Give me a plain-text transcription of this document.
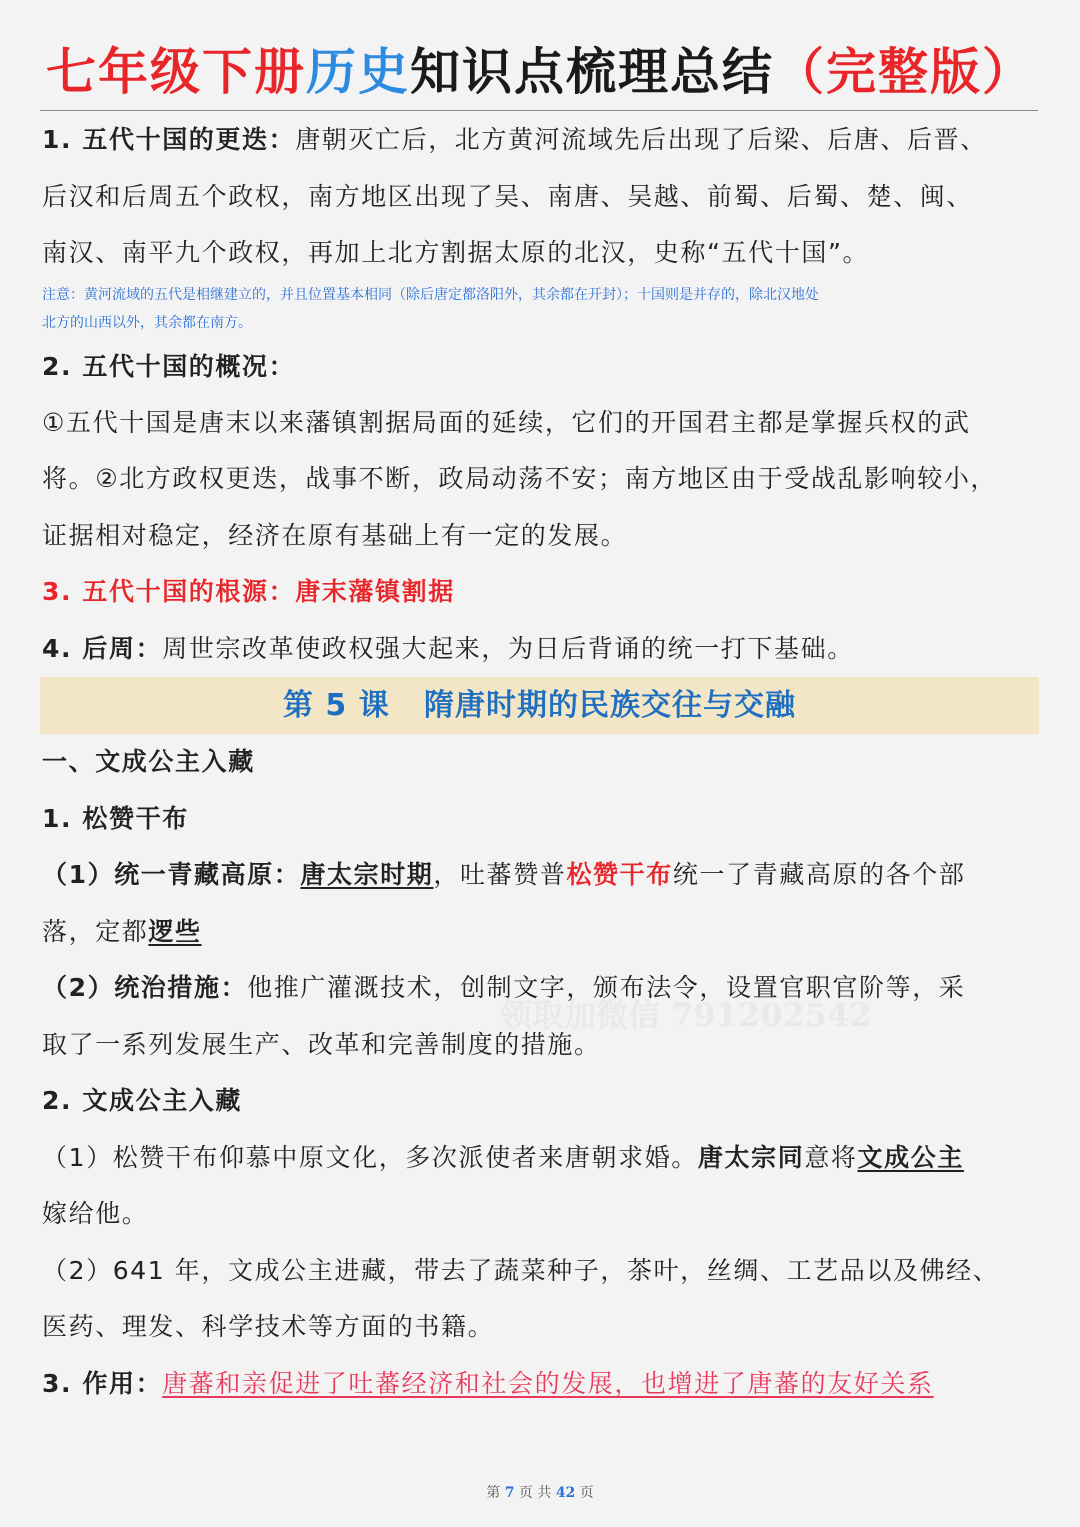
七年级下册历史知识点梳理总结（完整版）
1. 五代十国的更迭：唐朝灭亡后，北方黄河流域先后出现了后梁、后唐、后晋、
后汉和后周五个政权，南方地区出现了吴、南唐、吴越、前蜀、后蜀、楚、闽、
南汉、南平九个政权，再加上北方割据太原的北汉，史称“五代十国”。
注意：黄河流域的五代是相继建立的，并且位置基本相同（除后唐定都洛阳外，其余都在开封）；十国则是并存的，除北汉地处
北方的山西以外，其余都在南方。
2. 五代十国的概况：
①五代十国是唐末以来藩镇割据局面的延续，它们的开国君主都是掌握兵权的武
将。②北方政权更迭，战事不断，政局动荡不安；南方地区由于受战乱影响较小，
证据相对稳定，经济在原有基础上有一定的发展。
3. 五代十国的根源：唐末藩镇割据
4. 后周：周世宗改革使政权强大起来，为日后背诵的统一打下基础。
第 5 课   隋唐时期的民族交往与交融
一、文成公主入藏
1. 松赞干布
（1）统一青藏高原：唐太宗时期，吐蕃赞普松赞干布统一了青藏高原的各个部
落，定都逻些
（2）统治措施：他推广灌溉技术，创制文字，颁布法令，设置官职官阶等，采
取了一系列发展生产、改革和完善制度的措施。
2. 文成公主入藏
（1）松赞干布仰慕中原文化，多次派使者来唐朝求婚。唐太宗同意将文成公主
嫁给他。
（2）641 年，文成公主进藏，带去了蔬菜种子，茶叶，丝绸、工艺品以及佛经、
医药、理发、科学技术等方面的书籍。
3. 作用：唐蕃和亲促进了吐蕃经济和社会的发展，也增进了唐蕃的友好关系
领取加微信 791202542
第 7 页 共 42 页
